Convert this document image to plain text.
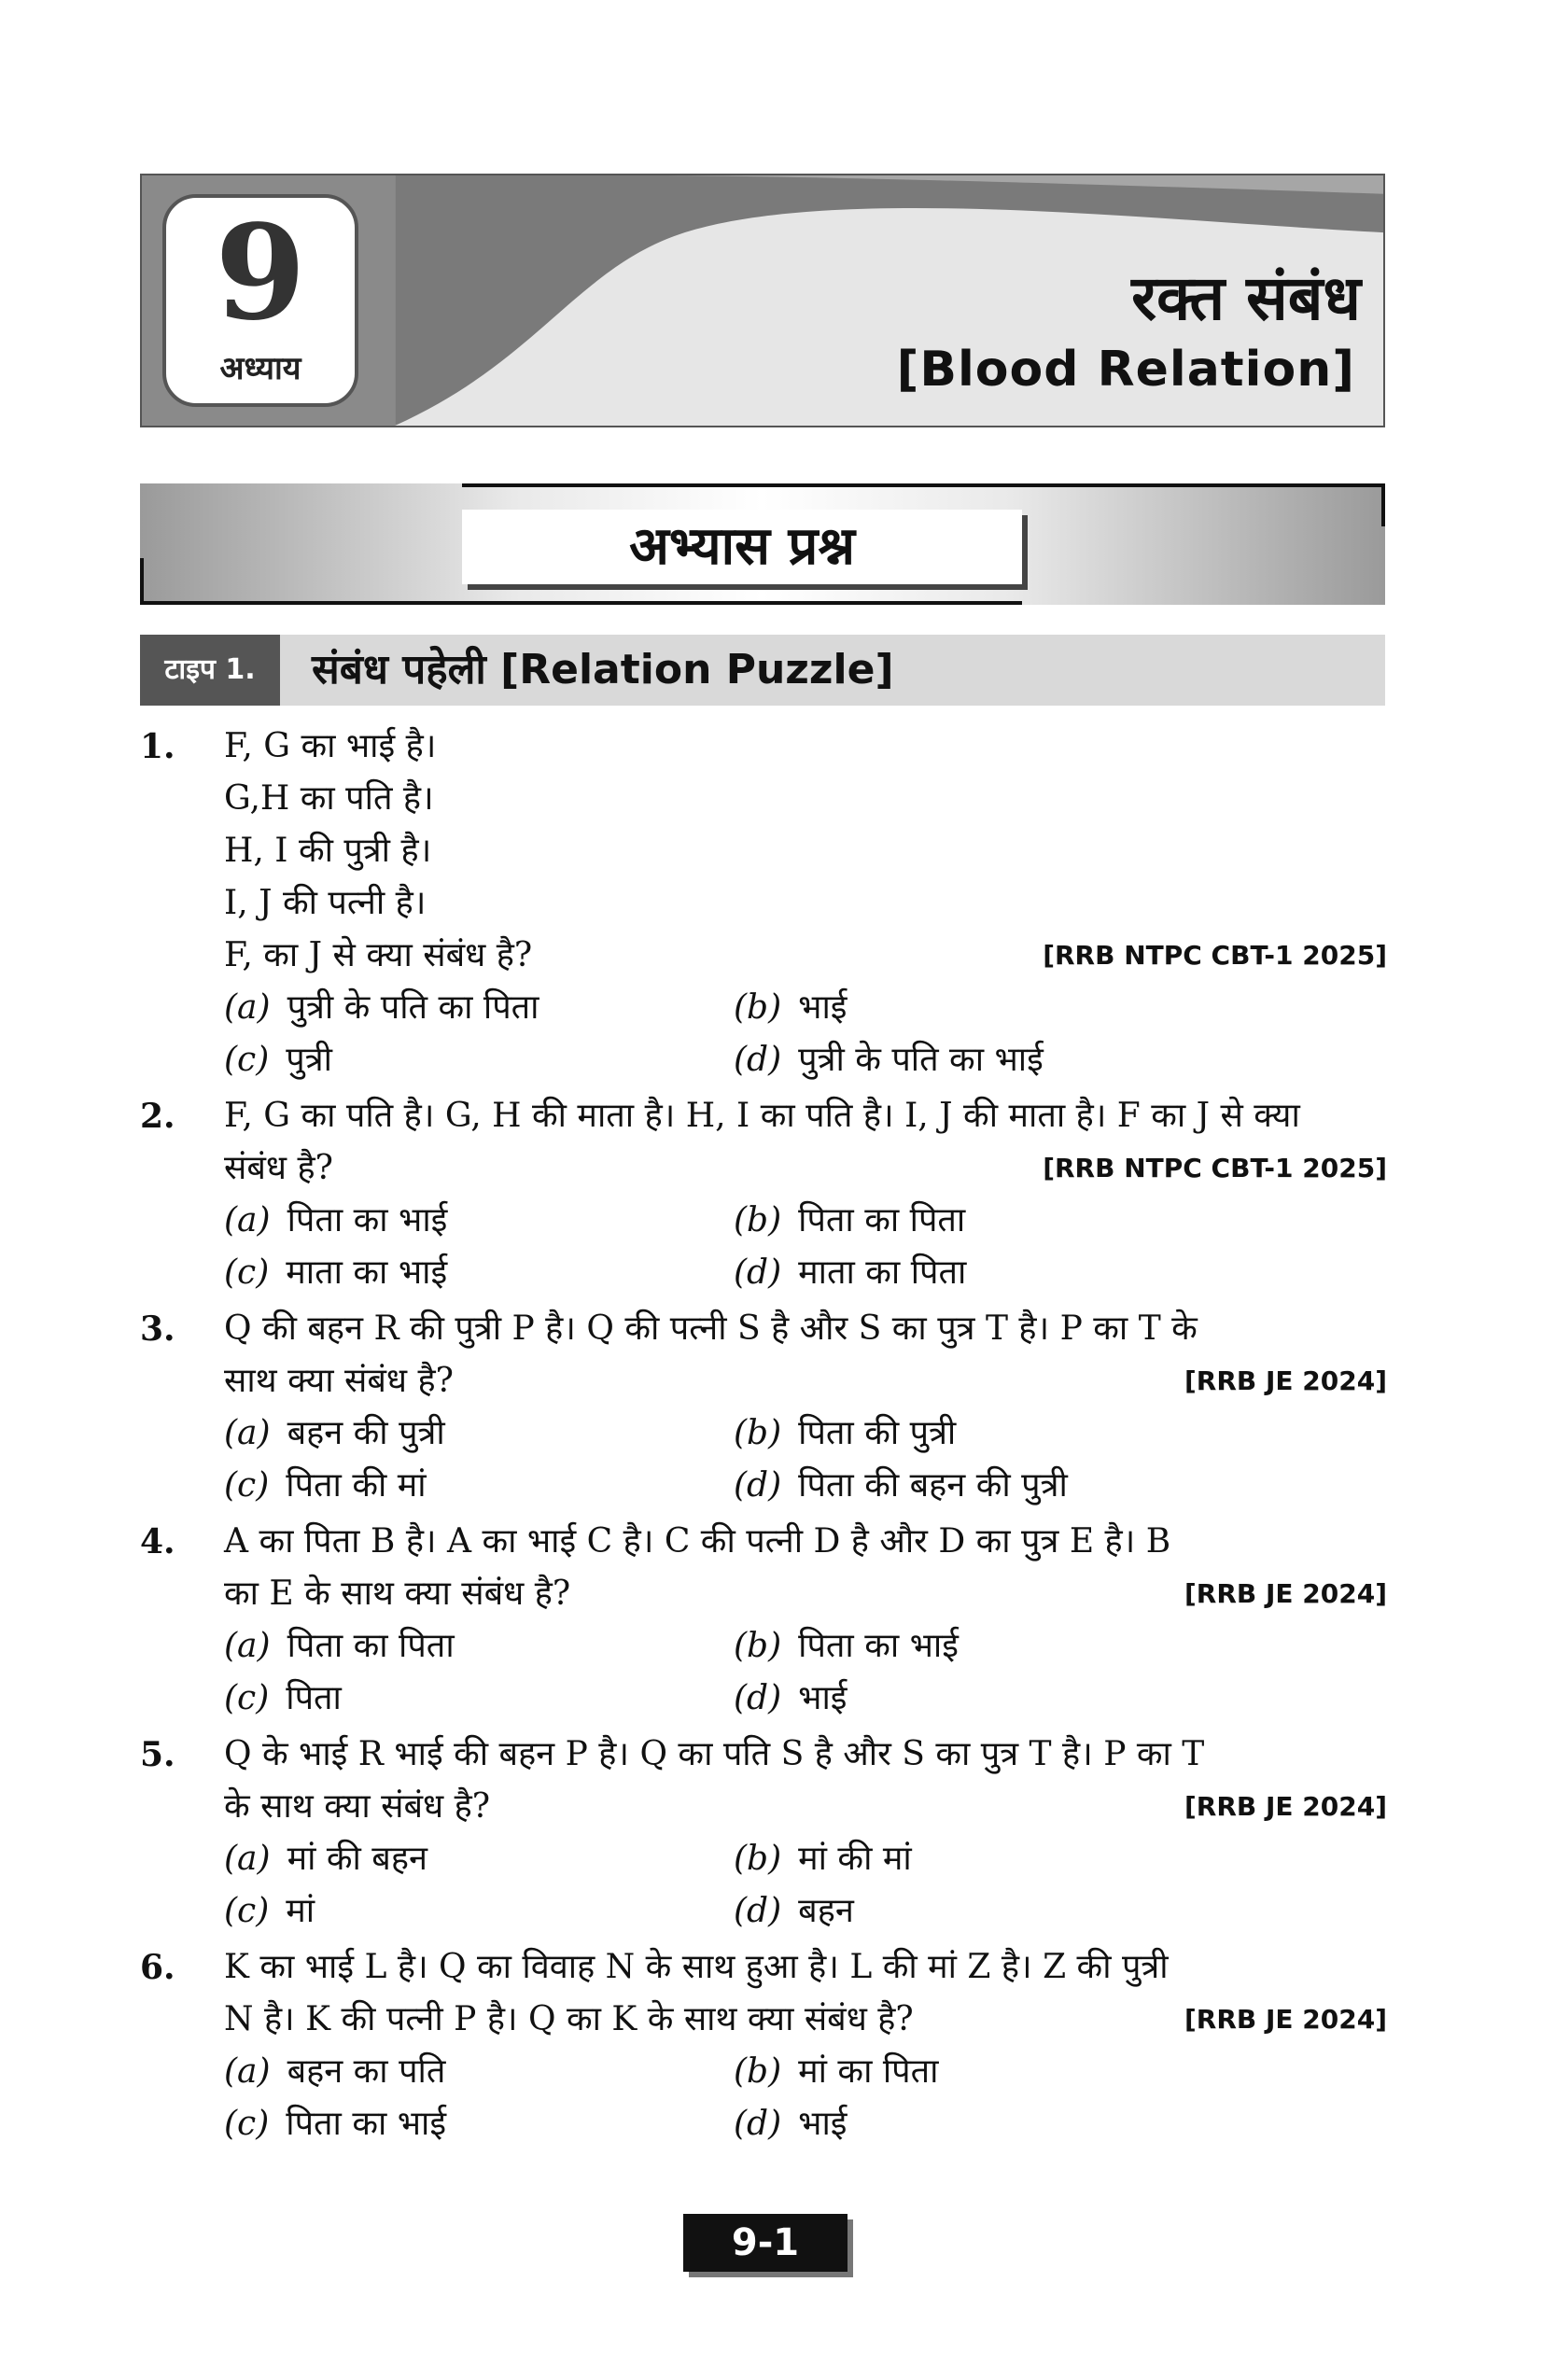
9
अध्याय
रक्त संबंध
[Blood Relation]
अभ्यास प्रश्न
टाइप 1.	संबंध पहेली [Relation Puzzle]
1. F, G का भाई है।
G,H का पति है।
H, I की पुत्री है।
I, J की पत्नी है।
[RRB NTPC CBT-1 2025]
F, का J से क्या संबंध है?
(a) पुत्री के पति का पिता	(b) भाई
(c) पुत्री	(d) पुत्री के पति का भाई
2. F, G का पति है। G, H की माता है। H, I का पति है। I, J की माता है। F का J से क्या
[RRB NTPC CBT-1 2025]
संबंध है?
(a) पिता का भाई	(b) पिता का पिता
(c) माता का भाई	(d) माता का पिता
3. Q की बहन R की पुत्री P है। Q की पत्नी S है और S का पुत्र T है। P का T के
[RRB JE 2024]
साथ क्या संबंध है?
(a) बहन की पुत्री	(b) पिता की पुत्री
(c) पिता की मां	(d) पिता की बहन की पुत्री
4. A का पिता B है। A का भाई C है। C की पत्नी D है और D का पुत्र E है। B
[RRB JE 2024]
का E के साथ क्या संबंध है?
(a) पिता का पिता	(b) पिता का भाई
(c) पिता	(d) भाई
5. Q के भाई R भाई की बहन P है। Q का पति S है और S का पुत्र T है। P का T
[RRB JE 2024]
के साथ क्या संबंध है?
(a) मां की बहन	(b) मां की मां
(c) मां	(d) बहन
6. K का भाई L है। Q का विवाह N के साथ हुआ है। L की मां Z है। Z की पुत्री
[RRB JE 2024]
N है। K की पत्नी P है। Q का K के साथ क्या संबंध है?
(a) बहन का पति	(b) मां का पिता
(c) पिता का भाई	(d) भाई
9-1
